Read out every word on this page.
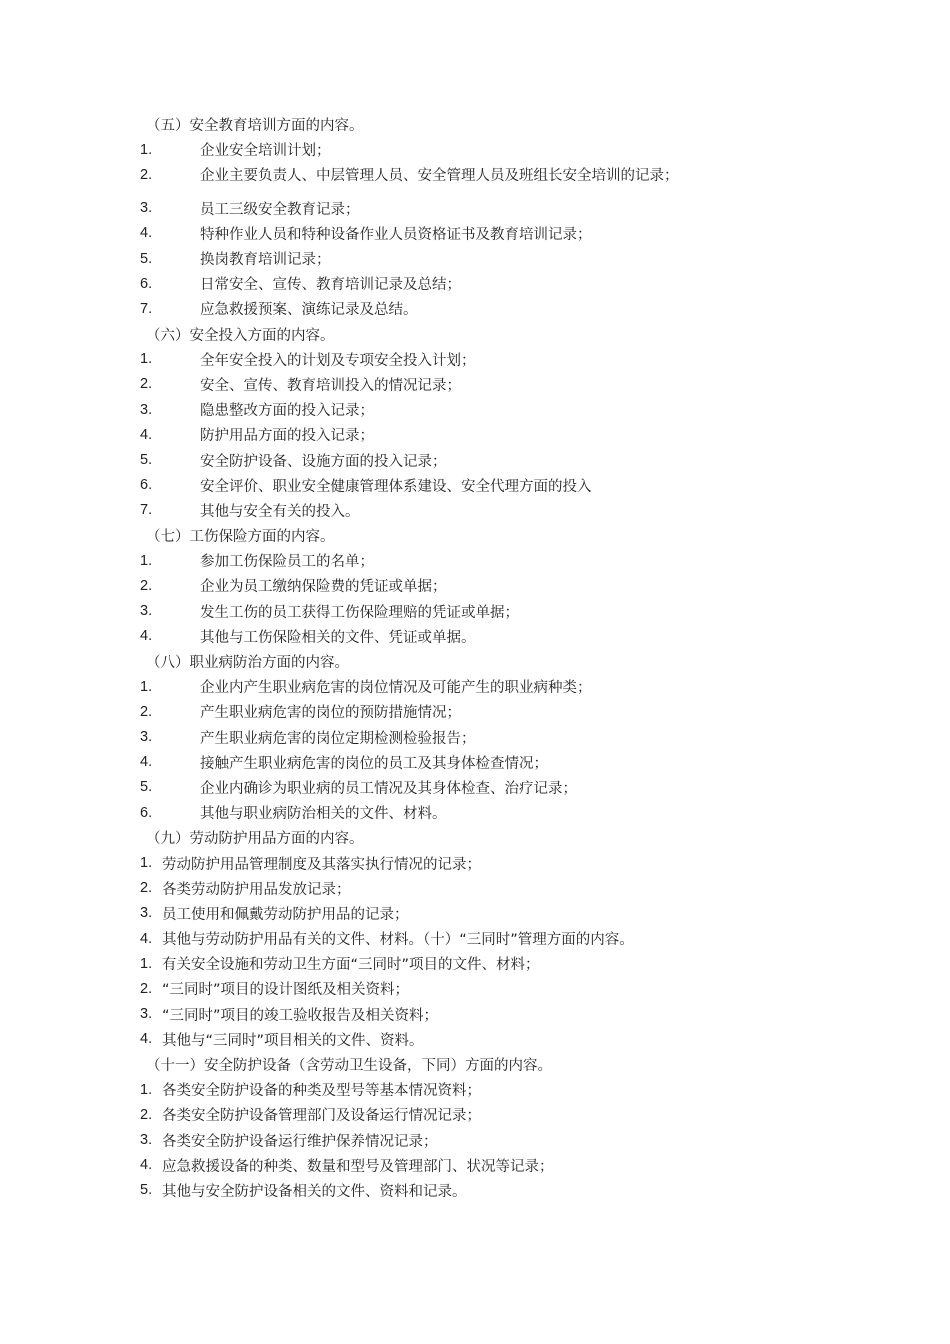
（五）安全教育培训方面的内容。
1.	企业安全培训计划；
2.	企业主要负责人、中层管理人员、安全管理人员及班组长安全培训的记录；
3.	员工三级安全教育记录；
4.	特种作业人员和特种设备作业人员资格证书及教育培训记录；
5.	换岗教育培训记录；
6.	日常安全、宣传、教育培训记录及总结；
7.	应急救援预案、演练记录及总结。
（六）安全投入方面的内容。
1.	全年安全投入的计划及专项安全投入计划；
2.	安全、宣传、教育培训投入的情况记录；
3.	隐患整改方面的投入记录；
4.	防护用品方面的投入记录；
5.	安全防护设备、设施方面的投入记录；
6.	安全评价、职业安全健康管理体系建设、安全代理方面的投入
7.	其他与安全有关的投入。
（七）工伤保险方面的内容。
1.	参加工伤保险员工的名单；
2.	企业为员工缴纳保险费的凭证或单据；
3.	发生工伤的员工获得工伤保险理赔的凭证或单据；
4.	其他与工伤保险相关的文件、凭证或单据。
（八）职业病防治方面的内容。
1.	企业内产生职业病危害的岗位情况及可能产生的职业病种类；
2.	产生职业病危害的岗位的预防措施情况；
3.	产生职业病危害的岗位定期检测检验报告；
4.	接触产生职业病危害的岗位的员工及其身体检查情况；
5.	企业内确诊为职业病的员工情况及其身体检查、治疗记录；
6.	其他与职业病防治相关的文件、材料。
（九）劳动防护用品方面的内容。
1. 劳动防护用品管理制度及其落实执行情况的记录；
2. 各类劳动防护用品发放记录；
3. 员工使用和佩戴劳动防护用品的记录；
4. 其他与劳动防护用品有关的文件、材料。（十）“三同时”管理方面的内容。
1. 有关安全设施和劳动卫生方面“三同时”项目的文件、材料；
2. “三同时”项目的设计图纸及相关资料；
3. “三同时”项目的竣工验收报告及相关资料；
4. 其他与“三同时”项目相关的文件、资料。
（十一）安全防护设备（含劳动卫生设备，下同）方面的内容。
1. 各类安全防护设备的种类及型号等基本情况资料；
2. 各类安全防护设备管理部门及设备运行情况记录；
3. 各类安全防护设备运行维护保养情况记录；
4. 应急救援设备的种类、数量和型号及管理部门、状况等记录；
5. 其他与安全防护设备相关的文件、资料和记录。
